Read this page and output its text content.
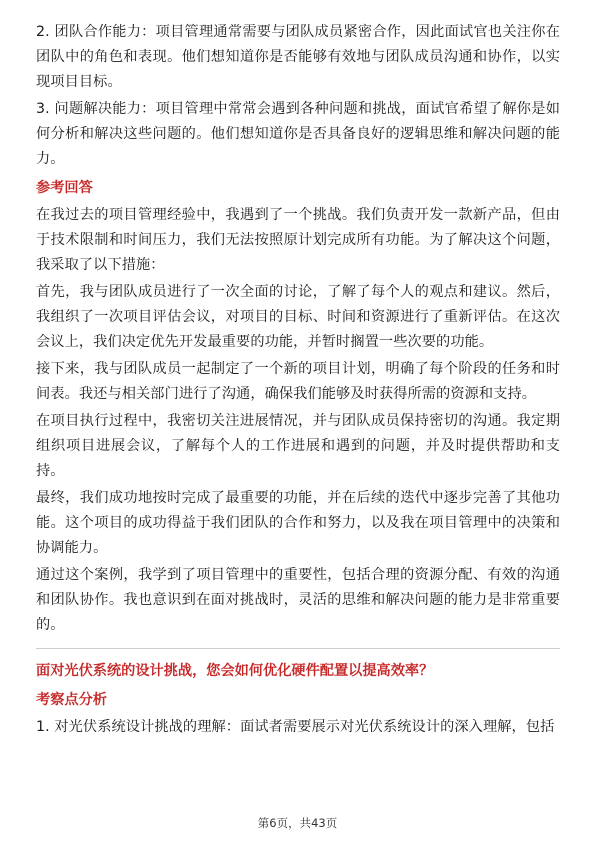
2. 团队合作能力：项目管理通常需要与团队成员紧密合作，因此面试官也关注你在团队中的角色和表现。他们想知道你是否能够有效地与团队成员沟通和协作，以实现项目目标。

3. 问题解决能力：项目管理中常常会遇到各种问题和挑战，面试官希望了解你是如何分析和解决这些问题的。他们想知道你是否具备良好的逻辑思维和解决问题的能力。

参考回答

在我过去的项目管理经验中，我遇到了一个挑战。我们负责开发一款新产品，但由于技术限制和时间压力，我们无法按照原计划完成所有功能。为了解决这个问题，我采取了以下措施：

首先，我与团队成员进行了一次全面的讨论，了解了每个人的观点和建议。然后，我组织了一次项目评估会议，对项目的目标、时间和资源进行了重新评估。在这次会议上，我们决定优先开发最重要的功能，并暂时搁置一些次要的功能。

接下来，我与团队成员一起制定了一个新的项目计划，明确了每个阶段的任务和时间表。我还与相关部门进行了沟通，确保我们能够及时获得所需的资源和支持。

在项目执行过程中，我密切关注进展情况，并与团队成员保持密切的沟通。我定期组织项目进展会议，了解每个人的工作进展和遇到的问题，并及时提供帮助和支持。

最终，我们成功地按时完成了最重要的功能，并在后续的迭代中逐步完善了其他功能。这个项目的成功得益于我们团队的合作和努力，以及我在项目管理中的决策和协调能力。

通过这个案例，我学到了项目管理中的重要性，包括合理的资源分配、有效的沟通和团队协作。我也意识到在面对挑战时，灵活的思维和解决问题的能力是非常重要的。

面对光伏系统的设计挑战，您会如何优化硬件配置以提高效率？
考察点分析

1. 对光伏系统设计挑战的理解：面试者需要展示对光伏系统设计的深入理解，包括

第6页，共43页
